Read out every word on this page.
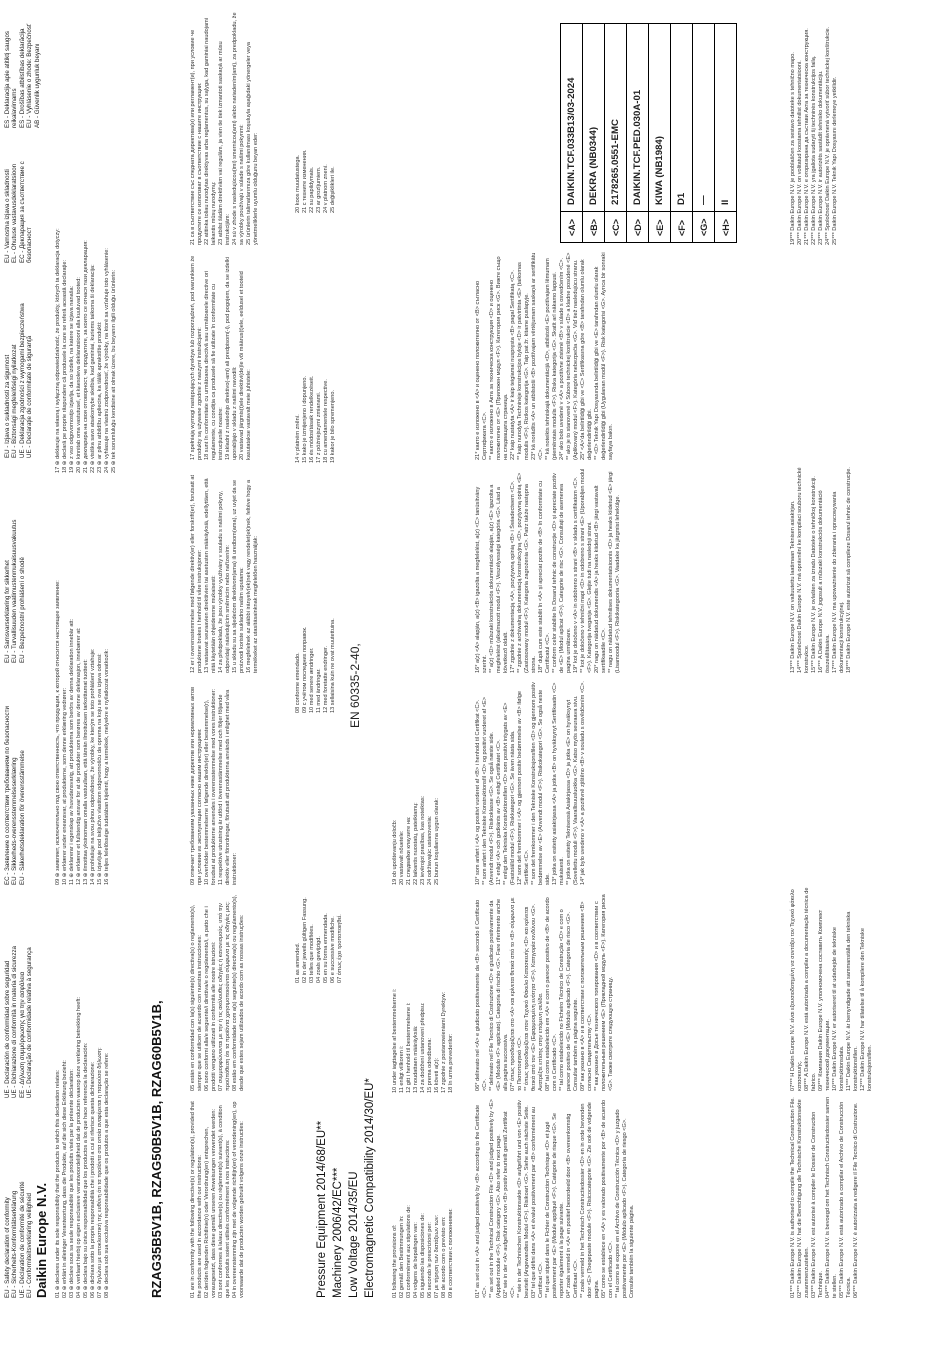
EU - Safety declaration of conformity
EU - Sicherheits-Konformitätserklärung
UE - Déclaration de conformité de sécurité
EU - Conformiteitsverklaring veiligheid
UE - Declaración de conformidad sobre seguridad
UE - Dichiarazione di conformità in materia di sicurezza
ΕΕ - Δήλωση συμμόρφωσης για την ασφάλεια
UE - Declaração de conformidade relativa à segurança
ЕС - Заявление о соответствии требованиям по безопасности
EU - Sikkerheds-overensstemmelseserklæring
EU - Säkerhetsdeklaration för överensstämmelse
EU - Samsvarserklæring for sikkerhet
EU - Turvallisuuden vaatimustenmukaisuusvakuutus
EU - Bezpečnostní prohlášení o shodě
EU - Izjava o sukladnosti za sigurnost
EU - Biztonsági megfelelőségi nyilatkozat
UE - Deklaracja zgodności z wymogami bezpieczeństwa
UE - Declaraţie de conformitate de siguranţă
EU - Varnostna izjava o skladnosti
EL - Ohutusе vastavusdeklaratsioon
ЕС - Декларация за съответствие с безопасност
ES - Deklaracija apie atitiktį saugos reikalavimams
ES - Drošības atbilstības deklarācija
EU - Vyhlásenie o zhode: Bezpečnosť
AB - Güvenlik uygunluk beyanı
Daikin Europe N.V. 01 ⊕ declares under its sole responsibility that the products to which this declaration relates:
02 ⊕ erklärt in alleiniger Verantwortung, dass die Produkte, auf die sich diese Erklärung bezieht:
03 ⊕ déclare sous sa seule responsabilité que les produits visés par la présente déclaration:
04 ⊕ verklaart hierbij op eigen exclusieve verantwoordelijkheid dat de producten waarop deze verklaring betrekking heeft:
05 ⊕ declara bajo su única responsabilidad que los productos a los que hace referencia la declaración:
06 ⊕ dichiara sotto la propria responsabilità che i prodotti a cui si riferisce questa dichiarazione:
07 ⊕ δηλώνει με αποκλειστική της ευθύνη ότι τα προϊόντα στα οποία αναφέρεται η παρούσα δήλωση:
08 ⊕ declara sob sua exclusiva responsabilidade que os produtos a que esta declaração se refere:
09 ⊕ заявляет, исключительно под свою ответственность, что продукция, к которой относится настоящее заявление:
10 ⊕ erklærer under eneansvar, at produkterne, som denne erklæring vedrører:
11 ⊕ deklarerar i egenskap av huvudansvarig, att produkterna som berörs av denna deklaration innebär att:
12 ⊕ erklærer et fullstendig ansvar for at de produkter som berøres av denne deklarasjon, innebærer at:
13 ⊕ ilmoittaa yksinomaan omalla vastuullaan, että tämän ilmoituksen tarkoittamat tuotteet:
14 ⊕ prohlašuje na svou plnou odpovědnost, že výrobky, ke kterým se toto prohlášení vztahuje:
15 ⊕ izjavljuje pod isključivo vlastitom odgovornošću da oprema na koju se ova izjava odnosi:
16 ⊕ teljes felelőssége tudatában kijelenti, hogy a termékek, melyekre e nyilatkozat vonatkozik:
17 ⊕ deklaruje na własną i wyłączną odpowiedzialność, że produkty, których ta deklaracja dotyczy:
18 ⊕ declară pe proprie răspundere că produsele la care se referă această declaraţie:
19 ⊕ z vso odgovornostjo izjavlja, da so izdelki, na katere se izjava nanaša:
20 ⊕ kinnitab oma vastutusel, et käesoleva deklaratsiooni alla kuuluvad tooted:
21 ⊕ декларира на своя отговорност, че продуктите, за които се отнася тази декларация:
22 ⊕ visiška savo atsakomybe skelbia, kad gaminiai, kuriems taikoma ši deklaracija:
23 ⊕ ar pilnu atbildību apliecina, ka tālāk aprakstītie produkti:
24 ⊕ vyhlasuje na vlastnú zodpovednosť, že výrobky, na ktoré sa vzťahuje toto vyhlásenie:
25 ⊕ tek sorumluluğu kendisine ait olmak üzere, bu beyanın ilgili olduğu ürünlerin:
RZAG35B5V1B, RZAG50B5V1B, RZAG60B5V1B,	01 are in conformity with the following directive(s) or regulation(s), provided that the products are used in accordance with our instructions:
02 der/den folgenden Richtlinie(n) oder Verordnung(en) entsprechen, vorausgesetzt, dass diese gemäß unseren Anweisungen verwendet werden:
03 sont conformes à la/aux directive(s) ou règlement(s) suivant(s), à condition que les produits soient utilisés conformément à nos instructions:
04 in overeenstemming zijn met de volgende richtlijn(en) of verordening(en), op voorwaarde dat de producten worden gebruikt volgens onze instructies:
05 están en conformidad con la(s) siguiente(s) directiva(s) o reglamento(s), siempre que se utilicen de acuerdo con nuestras instrucciones:
06 sono conformi alla/e seguente/i direttiva/e o regolamento/i, a patto che i prodotti vengano utilizzati in conformità alle nostre istruzioni:
07 συμμορφώνονται με την ή τις ακόλουθες οδηγίες ή κανονισμούς, υπό την προϋπόθεση ότι τα προϊόντα χρησιμοποιούνται σύμφωνα με τις οδηγίες μας:
08 estão em conformidade com a(s) seguinte(s) directiva(s) ou regulamento(s), desde que estes sejam utilizados de acordo com as nossas instruções:
09 отвечает требованиям указанных ниже директив или нормативных актов при условии их эксплуатации согласно нашим инструкциям:
10 overholder bestemmelserne i følgende direktiv(er) eller bestemmelse(r), forudsat at produkterne anvendes i overensstemmelse med vores instruktioner:
11 respektive utrustning är utförd i överensstämmelse med och följer följande direktiv eller förordningar, förutsatt att produkterna används i enlighet med våra instruktioner:
12 er i overensstemmelse med følgende direktiv(er) eller forskrift(er), forutsatt at produktene brukes i henhold til våre instruksjoner:
13 vastaavat seuraavien direktiivien tai asetusten määräyksiä, edellyttäen, että niitä käytetään ohjeidemme mukaisesti:
14 za předpokladu, že jsou výrobky využívány v souladu s našimi pokyny, odpovídají následujícím směrnicím nebo nařízením:
15 u skladu su sa sljedećom direktivom(ama) ili uredbom(ama), uz uvjet da se proizvodi koriste sukladno našim uputama:
16 megfelelnek az alábbi irányelv(ek)nek vagy rendelet(ek)nek, feltéve hogy a termékeket az utasításainknak megfelelően használják:
17 spełniają wymogi następujących dyrektyw lub rozporządzeń, pod warunkiem że produkty są używane zgodnie z naszymi instrukcjami:
18 sunt în conformitate cu următoarea directivă sau următoarele directive ori regulamente, cu condiția ca produsele să fie utilizate în conformitate cu instrucțiunile noastre:
19 skladni z naslednjo direktivo(-ami) ali predpisom(-i), pod pogojem, da se izdelki uporabljajo v skladu z našimi navodili:
20 vastavad järgmis(t)ele direktiivi(de)le või määrus(t)ele, eeldusel et tooteid kasutatakse vastavalt meie juhistele:
21 са в съответствие със следната директива(и) или регламент(и), при условие че продуктите се използват в съответствие с нашите инструкции:
22 atitinka toliau nurodytas direktyvas arba reglamentus, su sąlyga, kad gaminiai naudojami laikantis mūsų nurodymų:
23 atbilst šādām direktīvām vai regulām, ja vien tie tiek izmantoti saskaņā ar mūsu instrukcijām:
24 sú v zhode s nasledujúcou(imi) smernicou(ami) alebo nariadením(ami), za predpokladu, že sa výrobky používajú v súlade s našimi pokynmi:
25 ürünlerin talimatlarımıza göre kullanılması koşuluyla aşağıdaki yönergeler veya yönetmeliklerle uyumlu olduğunu beyan eder:
Pressure Equipment 2014/68/EU** Machinery 2006/42/EC*** Low Voltage 2014/35/EU Electromagnetic Compatibility 2014/30/EU*
01 as amended.
02 in der jeweils gültigen Fassung.
03 telles que modifiées.
04 zoals gewijzigd.
05 en su forma enmendada.
06 e successive modifiche.
07 όπως έχει τροποποιηθεί.
08 conforme emendado.
09 с учётом последних поправок.
10 med senere ændringer.
11 med ändringar.
12 med foretatte endringer.
13 sellaisina kuin ne ovat muutettuina.
14 v platném znění.
15 kako je izmijenjeno i dopunjeno.
16 és módosításaik rendelkezéseit.
17 z późniejszymi zmianami.
18 cu amendamentele respective.
19 kakor je bilo spremenjeno.
20 koos muudatustega.
21 с техните изменения.
22 su papildymais.
23 ar grozījumiem.
24 v platnom znení.
25 değişiklikleri ile.
EN 60335-2-40,
01 following the provisions of:
02 gemäß den Bestimmungen in:
03 conformément aux stipulations de:
04 volgens de bepalingen van:
05 siguiendo las disposiciones de:
06 secondo le prescrizioni per:
07 με τήρηση των διατάξεων των:
08 de acordo com o previsto em:
09 в соответствии с положениями:
10 under iagttagelse af bestemmelserne i:
11 enligt villkoren i:
12 gitt i henhold til bestemmelsene i:
13 noudattaen määräyksiä:
14 za dodržení ustanovení předpisu:
15 prema odredbama:
16 követi a(z):
17 zgodnie z postanowieniami Dyrektyw:
18 în urma prevederilor:
19 ob upoštevanju določb:
20 vastavalt nõuetele:
21 следвайки клаузите на:
22 laikantis nuostatų, pateikiamų:
23 ievērojot prasības, kas noteiktas:
24 održiavajúc ustanovenia:
25 bunun koşullarına uygun olarak:
01* as set out in <A> and judged positively by <B> according to the Certificate <C>.
** as set out in the Technical Construction File <D> and judged positively by <E> (Applied module <F>). Risk category <G>. Also refer to next page.
02* wie in der <A> aufgeführt und von <B> positiv beurteilt gemäß Zertifikat <C>.
** wie in der Technischen Konstruktionsakte <D> aufgeführt und von <E> positiv beurteilt (Angewandtes Modul <F>). Risikoart <G>. Siehe auch nächste Seite.
03* tel que défini dans <A> et évalué positivement par <B> conformément au Certificat <C>.
** tel que stipulé dans le Fichier de Construction Technique <D> et jugé positivement par <E> (Module appliqué <F>). Catégorie de risque <G>. Se reporter également à la page suivante.
04* zoals vermeld in <A> en positief beoordeeld door <B> overeenkomstig Certificaat <C>.
** zoals vermeld in het Technisch Constructiedossier <D> en in orde bevonden door <E> (Toegepaste module <F>). Risicocategorie <G>. Zie ook de volgende pagina.
05* como se establece en <A> y es valorado positivamente por <B> de acuerdo con el Certificado <C>.
** tal como se expone en el Archivo de Construcción Técnica <D> y juzgado positivamente por <E> (Módulo aplicado <F>). Categoría de riesgo <G>. Consulte también la siguiente página.
06* delineato nel <A> e giudicato positivamente da <B> secondo il Certificato <C>.
** delineato nel File Tecnico di Costruzione <D> e giudicato positivamente da <E> (Modulo <F> applicato). Categoria di rischio <G>. Fare riferimento anche alla pagina successiva.
07* όπως προσδιορίζεται στο <A> και κρίνεται θετικά από το <B> σύμφωνα με το Πιστοποιητικό <C>.
** όπως προσδιορίζεται στον Τεχνικό Φάκελο Κατασκευής <D> και κρίνεται θετικά από τον <E> (Εφαρμοσμένη ενότητα <F>). Κατηγορία κινδύνου <G>. Ανατρέξτε επίσης στην επόμενη σελίδα.
08* tal como estabelecido em <A> e com o parecer positivo de <B> de acordo com o Certificado <C>.
** tal como estabelecido no Ficheiro Técnico de Construção <D> e com o parecer positivo de <E> (Módulo aplicado <F>). Categoria de risco <G>. Consultar também a página seguinte.
09* как указано в <A> и в соответствии с положительным решением <B> согласно Свидетельству <C>.
** как указано в Досье технического топирования <D> и в соответствии с положительным решением <E> (Прикладной модуль <F>). Категория риска <G>. Также смотрите следующую страницу.
10* som anført i <A> og positivt vurderet af <B> i henhold til Certifikat <C>.
** som anført i den Tekniske Konstruktionsfil <D> og positivt vurderet af <E> (Anvendt modul <F>). Risikoklasse <G>. Se også næste side.
11* enligt <A> och godkänts av <B> enligt Certifikatet <C>.
** enligt den Tekniska Konstruktionsfilen <D> som positivt intygats av <E> (Fastställd modul <F>). Riskkategori <G>. Se även nästa sida.
12* som det fremkommer i <A> og gjennom positiv bedømmelse av <B> ifølge Sertifikat <C>.
** som det fremkommer i den Tekniske Konstruksjonsfilen <D> og gjennom positiv bedømmelse av <E> (Anvendt modul <F>). Risikokategori <G>. Se også neste side.
13* jotka on esitetty asiakirjassa <A> ja jotka <B> on hyväksynyt Sertifikaatin <C> mukaisesti.
** jotka on esitetty Teknisessä Asiakirjassa <D> ja jotka <E> on hyväksynyt (Sovellettu moduli <F>). Vaarallisuusluokka <G>. Katso myös seuraava sivu.
14* jak bylo uvedeno v <A> a pozitivně zjištěno <B> v souladu s osvědčením <C>.
16* a(z) <A> alapján, a(z) <B> igazolta a megfelelést, a(z) <C> tanúsítvány szerint.
** a(z) <D> műszaki konstrukciós dokumentáció alapján, a(z) <E> igazolta a megfelelést (alkalmazott modul <F>). Veszélyességi kategória <G>. Lásd a következő oldalt.
17* zgodnie z dokumentacją <A>, pozytywną opinią <B> i Świadectwem <C>.
** zgodnie z archiwalną dokumentacją konstrukcyjną <D>, pozytywną opinią <E> (Zastosowany moduł <F>). Kategoria zagrożenia <G>. Patrz także następna strona.
18* după cum este stabilit în <A> și apreciat pozitiv de <B> în conformitate cu Certificatul <C>.
** conform celor stabilite în Dosarul tehnic de construcție <D> și apreciate pozitiv de <E> (Modul aplicat <F>). Categorie de risc <G>. Consultați de asemenea pagina următoare.
19* kot je določeno v <A> in odobreno s strani <B> v skladu s certifikatom <C>.
** kot je določeno v tehnični mapi <D> in odobreno s strani <E> (Uporabljen modul <F>). Kategorija tveganja <G>. Glejte tudi na naslednji strani.
20* nagu on näidatud dokumendis <A> ja heaks kiidetud <B> järgi vastavalt sertifikaadile <C>.
** nagu on näidatud tehnilises dokumentatsioonis <D> ja heaks kiidetud <E> järgi (Lisamoodul <F>). Riskikategooria <G>. Vaadake ka järgmist lehekülge.
21* както е изложено в <A> и оценено положително от <B> съгласно Сертификата <C>.
** както е изложено в Акта за техническа конструкция <D> и оценено положително от <E> (Приложен модул <F>). Категория риск <G>. Вижте също на следващата страница.
22* kaip nustatyta <A> ir kaip teigiamai nuspręsta <B> pagal Sertifikatą <C>.
** kaip nurodyta Techninėje konstrukcijos byloje <D> ir patvirtinta <E> (taikomas modulis <F>). Rizikos kategorija <G>. Taip pat žr. kitame puslapyje.
23* kā norādīts <A> un atbilstoši <B> pozitīvajam vērtējumam saskaņā ar sertifikātu <C>.
** kā noteikts tehniskajā dokumentācijā <D>, atbilstoši <E> pozitīvajam lēmumam (piemērotais modulis <F>). Riska kategorija <G>. Skatīt arī nākamo lappusi.
24* ako bolo uvedené v <A> a pozitívne zistené <B> v súlade s osvedčením <C>.
** ako je to stanovené v Súbore technickej konštrukcie <D> a kladne posúdené <E> (Aplikovaný modul <F>). Kategória nebezpečia <G>. Viď tiež nasledujúcu stranu.
25* <A>'da belirtildiği gibi ve <C> Sertifikasına göre <B> tarafından olumlu olarak değerlendirildiği gibi.
** <D> Teknik Yapı Dosyasında belirtildiği gibi ve <E> tarafından olumlu olarak değerlendirildiği gibi (Uygulanan modül <F>). Risk kategorisi <G>. Ayrıca bir sonraki sayfaya bakın.
<A>	DAIKIN.TCF.033B13/03-2024
<B>	DEKRA (NB0344)
<C>	2178265.0551-EMC
<D>	DAIKIN.TCF.PED.030A-01
<E>	KIWA (NB1984)
<F>	D1
<G>	—
<H>	II
01*** Daikin Europe N.V. is authorised to compile the Technical Construction File.
02*** Daikin Europe N.V. hat die Berechtigung die Technische Konstruktionsakte zusammenzustellen.
03*** Daikin Europe N.V. est autorisé à compiler le Dossier de Construction Technique.
04*** Daikin Europe N.V. is bevoegd om het Technisch Constructiedossier samen te stellen.
05*** Daikin Europe N.V. está autorizado a compilar el Archivo de Construcción Técnica.
06*** Daikin Europe N.V. è autorizzata a redigere il File Tecnico di Costruzione.
07*** Η Daikin Europe N.V. είναι εξουσιοδοτημένη να συντάξει τον Τεχνικό φάκελο κατασκευής.
08*** A Daikin Europe N.V. está autorizada a compilar a documentação técnica de fabrico.
09*** Компания Daikin Europe N.V. уполномочена составить Комплект технической документации.
10*** Daikin Europe N.V. er autoriseret til at udarbejde de tekniske konstruktionsdata.
11*** Daikin Europe N.V. är bemyndigade att sammanställa den tekniska konstruktionsfilen.
12*** Daikin Europe N.V. har tillatelse til å kompilere den Tekniske konstruksjonsfilen.
13*** Daikin Europe N.V. on valtuutettu laatimaan Teknisen asiakirjan.
14*** Společnost Daikin Europe N.V. má oprávnění ke kompilaci souboru technické konstrukce.
15*** Daikin Europe N.V. je ovlašten za izradu Datoteke o tehničkoj konstrukciji.
16*** A Daikin Europe N.V. jogosult a műszaki konstrukciós dokumentáció összeállítására.
17*** Daikin Europe N.V. ma upoważnienie do zbierania i opracowywania dokumentacji konstrukcyjnej.
18*** Daikin Europe N.V. este autorizat să compileze Dosarul tehnic de construcție.
19*** Daikin Europe N.V. je pooblaščen za sestavo datoteke s tehnično mapo.
20*** Daikin Europe N.V. on volitatud koostama tehnilist dokumentatsiooni.
21*** Daikin Europe N.V. е оторизирана да състави Акта за техническа конструкция.
22*** Daikin Europe N.V. yra įgaliota sudaryti šį techninės konstrukcijos failą.
23*** Daikin Europe N.V. ir autorizēts sastādīt tehnisko dokumentāciju.
24*** Spoločnosť Daikin Europe N.V. je oprávnená vytvoriť súbor technickej konštrukcie.
25*** Daikin Europe N.V. Teknik Yapı Dosyasını derlemeye yetkilidir.
